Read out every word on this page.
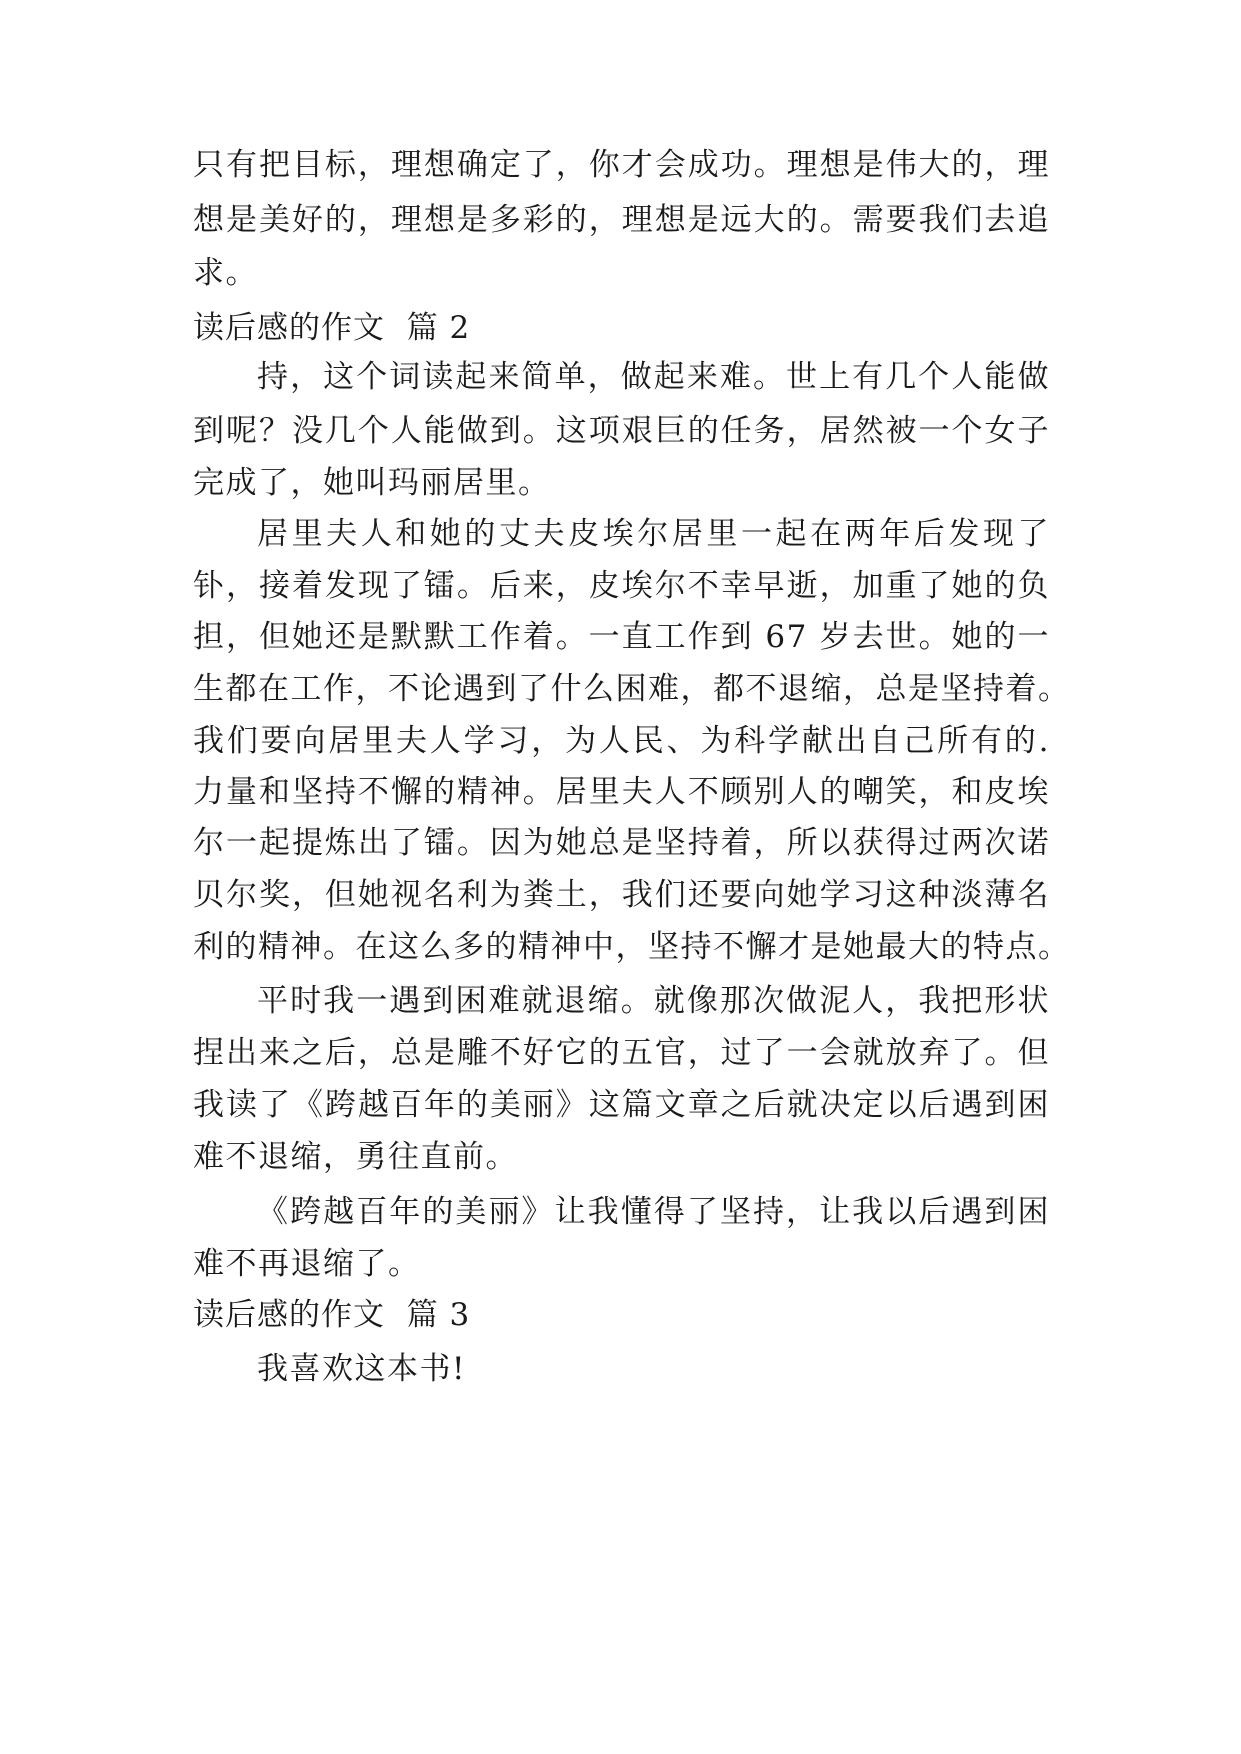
只有把目标，理想确定了，你才会成功。理想是伟大的，理
想是美好的，理想是多彩的，理想是远大的。需要我们去追
求。
读后感的作文  篇 2
持，这个词读起来简单，做起来难。世上有几个人能做
到呢？没几个人能做到。这项艰巨的任务，居然被一个女子
完成了，她叫玛丽居里。
居里夫人和她的丈夫皮埃尔居里一起在两年后发现了
钋，接着发现了镭。后来，皮埃尔不幸早逝，加重了她的负
担，但她还是默默工作着。一直工作到 67 岁去世。她的一
生都在工作，不论遇到了什么困难，都不退缩，总是坚持着。
我们要向居里夫人学习，为人民、为科学献出自己所有的.
力量和坚持不懈的精神。居里夫人不顾别人的嘲笑，和皮埃
尔一起提炼出了镭。因为她总是坚持着，所以获得过两次诺
贝尔奖，但她视名利为粪土，我们还要向她学习这种淡薄名
利的精神。在这么多的精神中，坚持不懈才是她最大的特点。
平时我一遇到困难就退缩。就像那次做泥人，我把形状
捏出来之后，总是雕不好它的五官，过了一会就放弃了。但
我读了《跨越百年的美丽》这篇文章之后就决定以后遇到困
难不退缩，勇往直前。
《跨越百年的美丽》让我懂得了坚持，让我以后遇到困
难不再退缩了。
读后感的作文  篇 3
我喜欢这本书!
